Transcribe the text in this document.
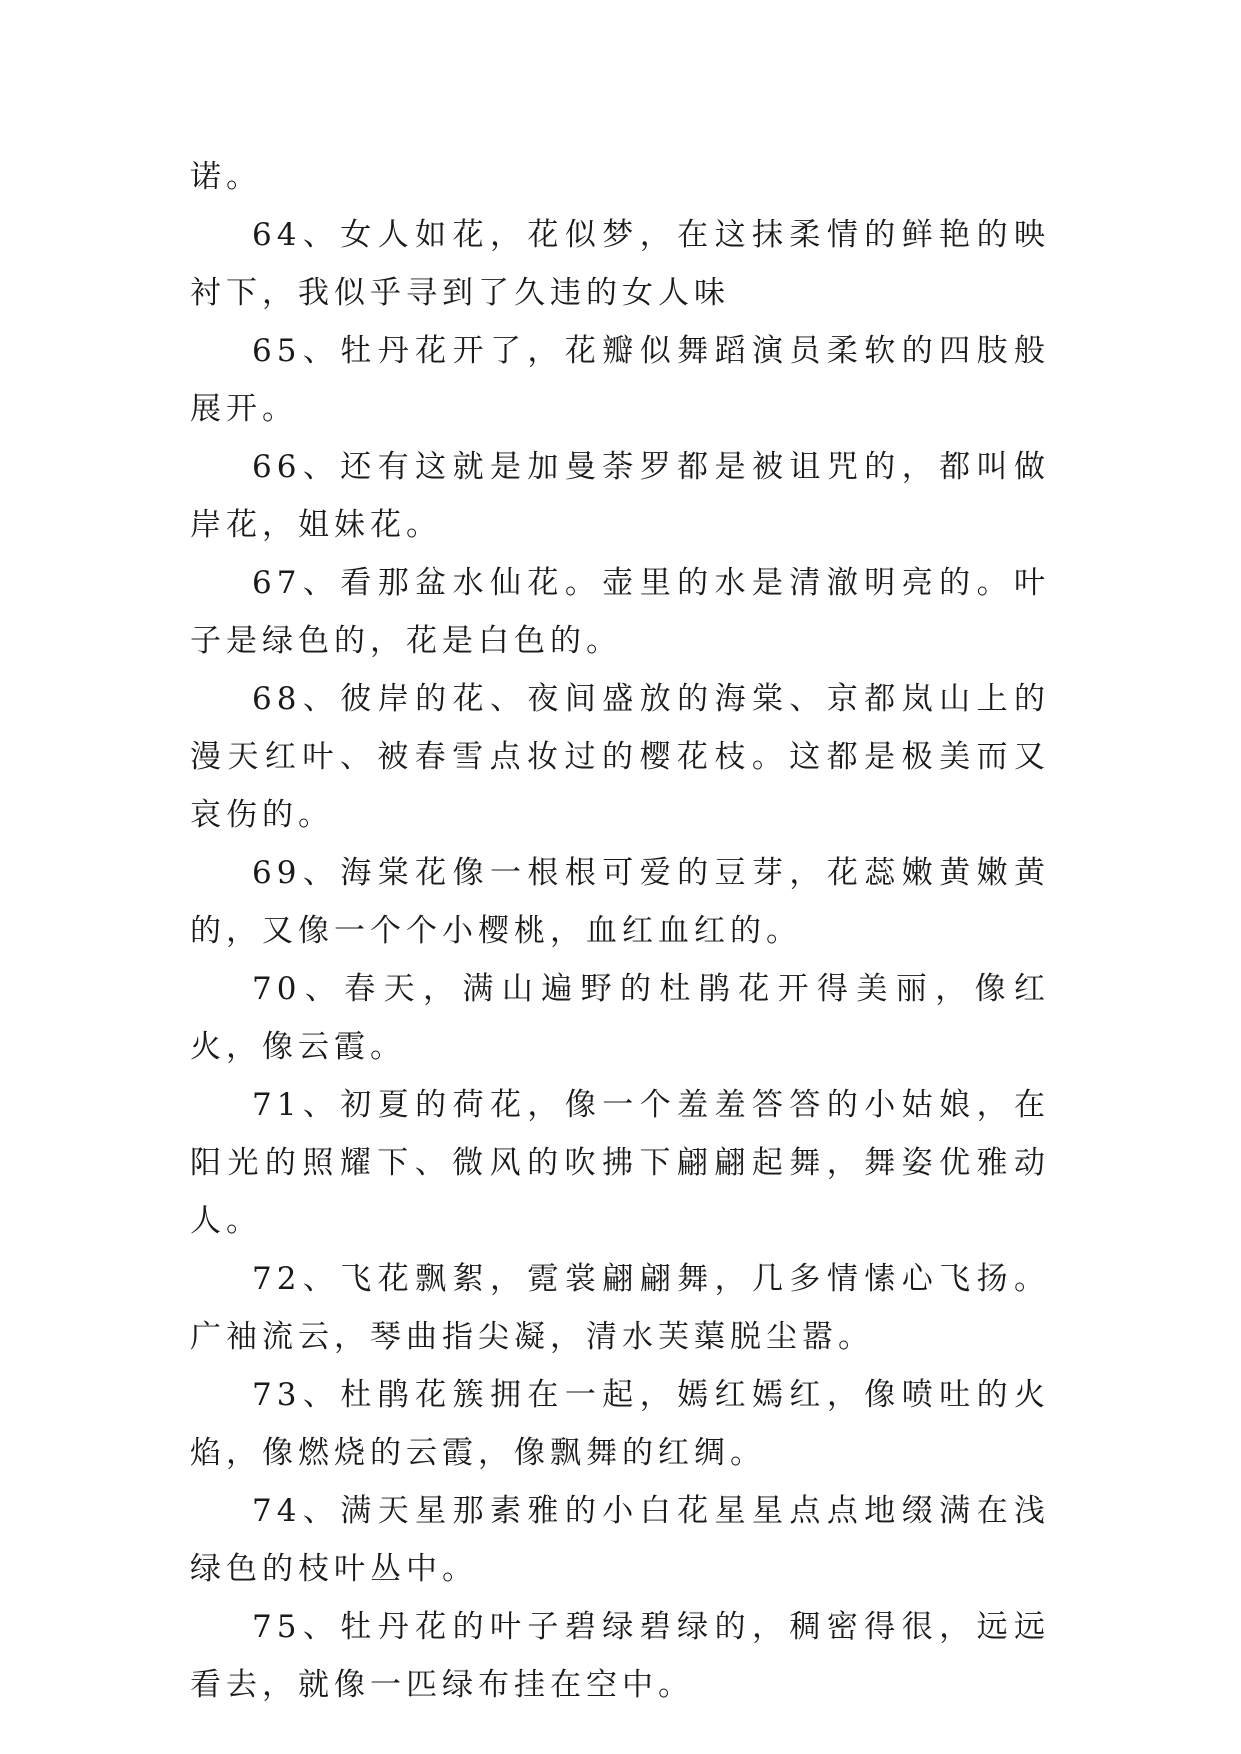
诺。

64、女人如花，花似梦，在这抹柔情的鲜艳的映衬下，我似乎寻到了久违的女人味

65、牡丹花开了，花瓣似舞蹈演员柔软的四肢般展开。

66、还有这就是加曼荼罗都是被诅咒的，都叫做岸花，姐妹花。

67、看那盆水仙花。壶里的水是清澈明亮的。叶子是绿色的，花是白色的。

68、彼岸的花、夜间盛放的海棠、京都岚山上的漫天红叶、被春雪点妆过的樱花枝。这都是极美而又哀伤的。

69、海棠花像一根根可爱的豆芽，花蕊嫩黄嫩黄的，又像一个个小樱桃，血红血红的。

70、春天，满山遍野的杜鹃花开得美丽，像红火，像云霞。

71、初夏的荷花，像一个羞羞答答的小姑娘，在阳光的照耀下、微风的吹拂下翩翩起舞，舞姿优雅动人。

72、飞花飘絮，霓裳翩翩舞，几多情愫心飞扬。广袖流云，琴曲指尖凝，清水芙蕖脱尘嚣。

73、杜鹃花簇拥在一起，嫣红嫣红，像喷吐的火焰，像燃烧的云霞，像飘舞的红绸。

74、满天星那素雅的小白花星星点点地缀满在浅绿色的枝叶丛中。

75、牡丹花的叶子碧绿碧绿的，稠密得很，远远看去，就像一匹绿布挂在空中。
